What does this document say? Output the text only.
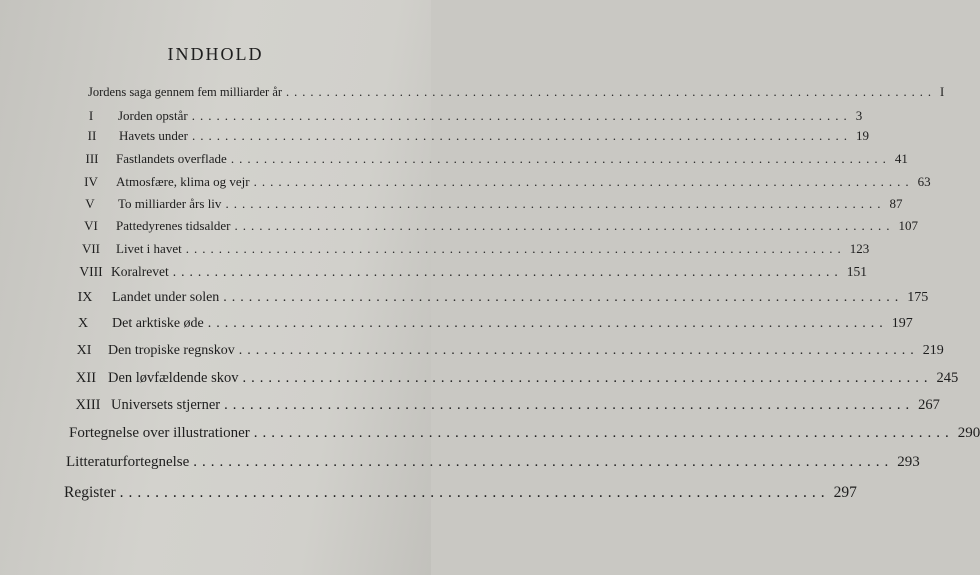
INDHOLD
Jordens saga gennem fem milliarder år ................................................................................ I
I	Jorden opstår ................................................................................ 3
II	Havets under ................................................................................ 19
III	Fastlandets overflade ................................................................................ 41
IV	Atmosfære, klima og vejr ................................................................................ 63
V	To milliarder års liv ................................................................................ 87
VI	Pattedyrenes tidsalder ................................................................................ 107
VII	Livet i havet ................................................................................ 123
VIII Koralrevet ................................................................................ 151
IX Landet under solen ................................................................................ 175
X Det arktiske øde ................................................................................ 197
XI	Den tropiske regnskov ................................................................................ 219
XII Den løvfældende skov ................................................................................ 245
XIII Universets stjerner ................................................................................ 267
Fortegnelse over illustrationer ................................................................................ 290
Litteraturfortegnelse ................................................................................ 293
Register ................................................................................ 297
